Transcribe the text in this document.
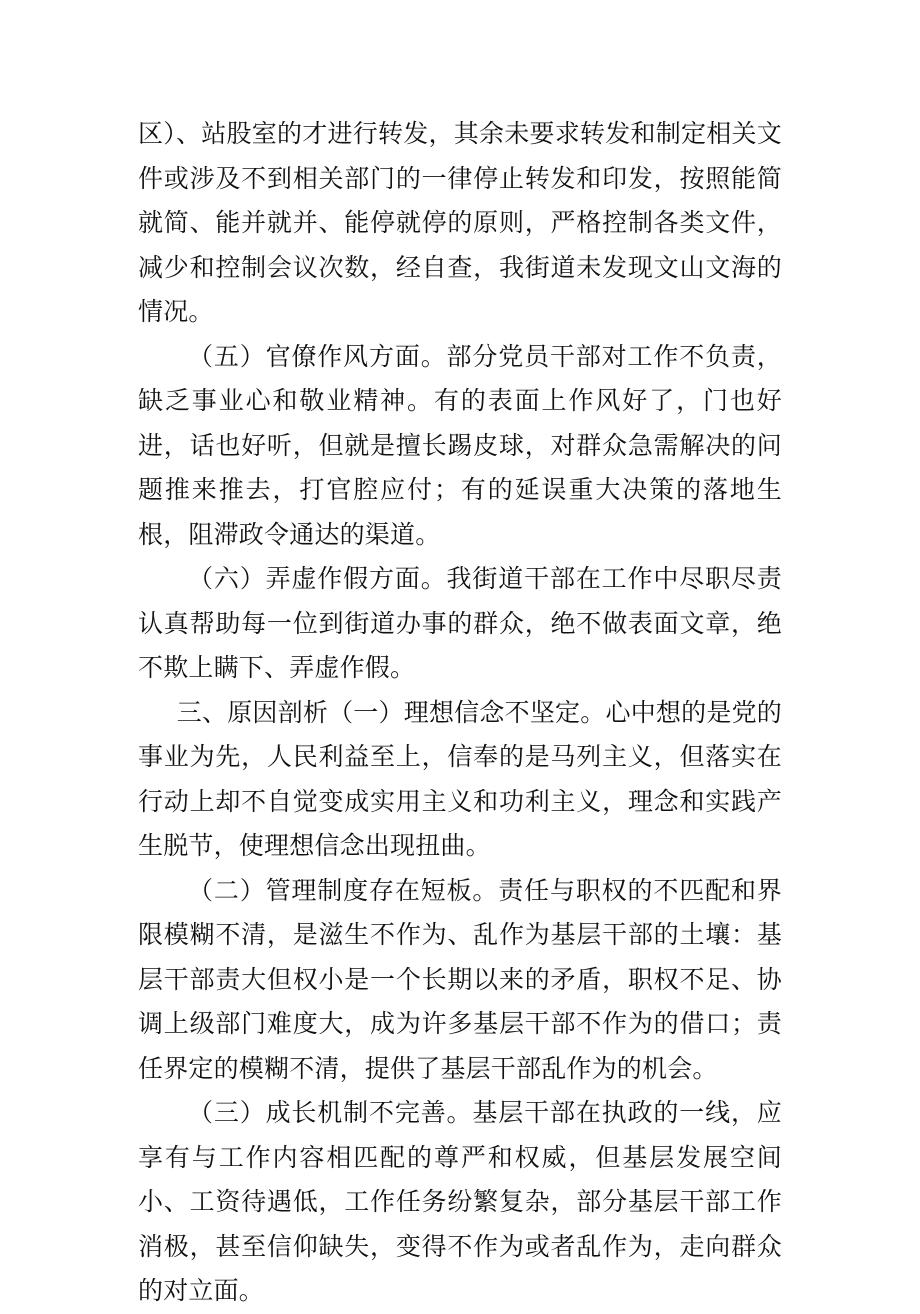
区）、站股室的才进行转发，其余未要求转发和制定相关文件或涉及不到相关部门的一律停止转发和印发，按照能简就简、能并就并、能停就停的原则，严格控制各类文件，减少和控制会议次数，经自查，我街道未发现文山文海的情况。

（五）官僚作风方面。部分党员干部对工作不负责，缺乏事业心和敬业精神。有的表面上作风好了，门也好进，话也好听，但就是擅长踢皮球，对群众急需解决的问题推来推去，打官腔应付；有的延误重大决策的落地生根，阻滞政令通达的渠道。

（六）弄虚作假方面。我街道干部在工作中尽职尽责认真帮助每一位到街道办事的群众，绝不做表面文章，绝不欺上瞒下、弄虚作假。

三、原因剖析（一）理想信念不坚定。心中想的是党的事业为先，人民利益至上，信奉的是马列主义，但落实在行动上却不自觉变成实用主义和功利主义，理念和实践产生脱节，使理想信念出现扭曲。

（二）管理制度存在短板。责任与职权的不匹配和界限模糊不清，是滋生不作为、乱作为基层干部的土壤：基层干部责大但权小是一个长期以来的矛盾，职权不足、协调上级部门难度大，成为许多基层干部不作为的借口；责任界定的模糊不清，提供了基层干部乱作为的机会。

（三）成长机制不完善。基层干部在执政的一线，应享有与工作内容相匹配的尊严和权威，但基层发展空间小、工资待遇低，工作任务纷繁复杂，部分基层干部工作消极，甚至信仰缺失，变得不作为或者乱作为，走向群众的对立面。
